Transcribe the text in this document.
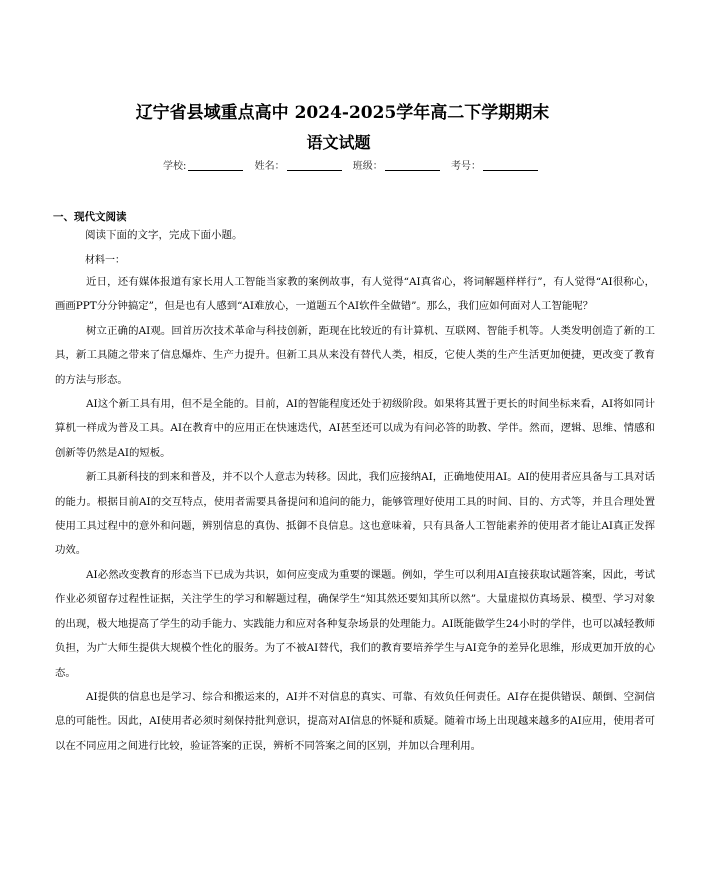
辽宁省县域重点高中 2024-2025学年高二下学期期末
语文试题
学校:	姓名：	班级：	考号：
一、现代文阅读
阅读下面的文字，完成下面小题。
材料一：

近日，还有媒体报道有家长用人工智能当家教的案例故事，有人觉得“AI真省心，将词解题样样行”，有人觉得“AI很称心，画画PPT分分钟搞定”，但是也有人感到“AI难放心，一道题五个AI软件全做错”。那么，我们应如何面对人工智能呢？

树立正确的AI观。回首历次技术革命与科技创新，距现在比较近的有计算机、互联网、智能手机等。人类发明创造了新的工具，新工具随之带来了信息爆炸、生产力提升。但新工具从来没有替代人类，相反，它使人类的生产生活更加便捷，更改变了教育的方法与形态。

AI这个新工具有用，但不是全能的。目前，AI的智能程度还处于初级阶段。如果将其置于更长的时间坐标来看，AI将如同计算机一样成为普及工具。AI在教育中的应用正在快速迭代，AI甚至还可以成为有问必答的助教、学伴。然而，逻辑、思维、情感和创新等仍然是AI的短板。

新工具新科技的到来和普及，并不以个人意志为转移。因此，我们应接纳AI，正确地使用AI。AI的使用者应具备与工具对话的能力。根据目前AI的交互特点，使用者需要具备提问和追问的能力，能够管理好使用工具的时间、目的、方式等，并且合理处置使用工具过程中的意外和问题，辨别信息的真伪、抵御不良信息。这也意味着，只有具备人工智能素养的使用者才能让AI真正发挥功效。

AI必然改变教育的形态当下已成为共识，如何应变成为重要的课题。例如，学生可以利用AI直接获取试题答案，因此，考试作业必须留存过程性证据，关注学生的学习和解题过程，确保学生“知其然还要知其所以然”。大量虚拟仿真场景、模型、学习对象的出现，极大地提高了学生的动手能力、实践能力和应对各种复杂场景的处理能力。AI既能做学生24小时的学伴，也可以减轻教师负担，为广大师生提供大规模个性化的服务。为了不被AI替代，我们的教育要培养学生与AI竞争的差异化思维，形成更加开放的心态。

AI提供的信息也是学习、综合和搬运来的，AI并不对信息的真实、可靠、有效负任何责任。AI存在提供错误、颠倒、空洞信息的可能性。因此，AI使用者必须时刻保持批判意识，提高对AI信息的怀疑和质疑。随着市场上出现越来越多的AI应用，使用者可以在不同应用之间进行比较，验证答案的正误，辨析不同答案之间的区别，并加以合理利用。
